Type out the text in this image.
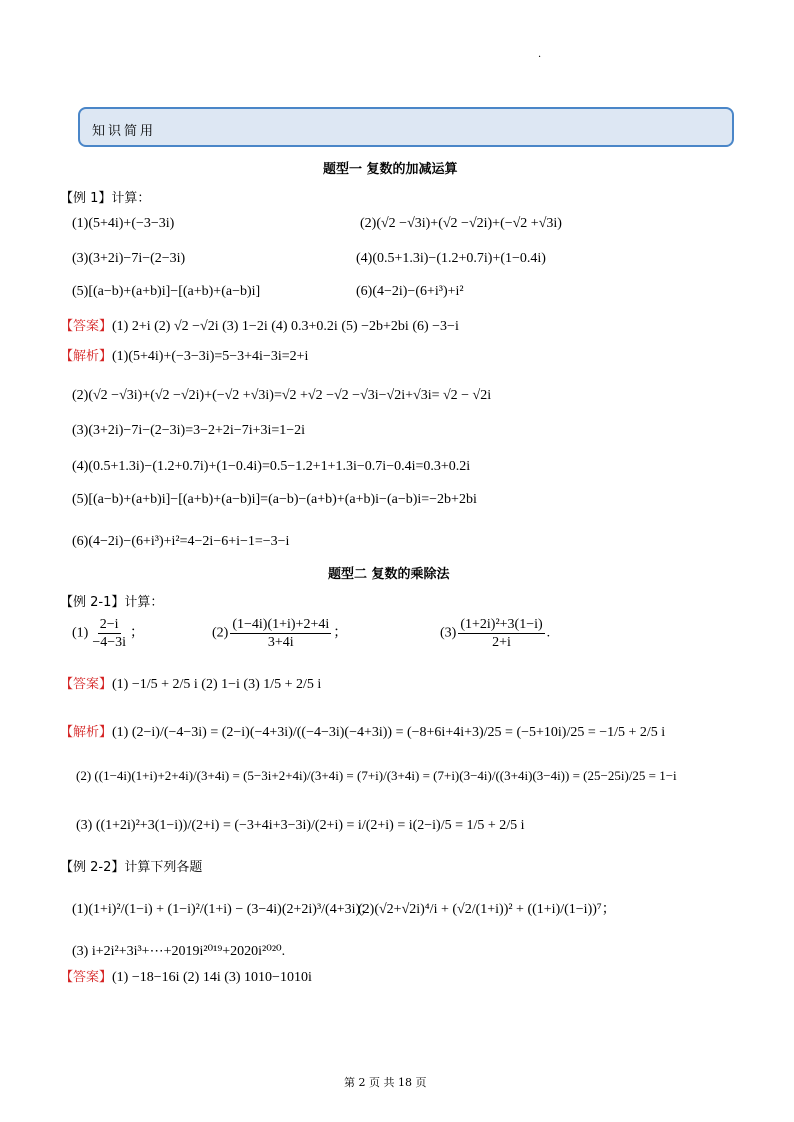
·
知识简用
题型一 复数的加减运算
【例 1】计算：
(1)(5+4i)+(−3−3i)	(2)(√2 −√3i)+(√2 −√2i)+(−√2 +√3i)
(3)(3+2i)−7i−(2−3i)	(4)(0.5+1.3i)−(1.2+0.7i)+(1−0.4i)
(5)[(a−b)+(a+b)i]−[(a+b)+(a−b)i]	(6)(4−2i)−(6+i³)+i²
【答案】(1) 2+i (2) √2 −√2i (3) 1−2i (4) 0.3+0.2i (5) −2b+2bi (6) −3−i
【解析】(1)(5+4i)+(−3−3i)=5−3+4i−3i=2+i
(2)(√2 −√3i)+(√2 −√2i)+(−√2 +√3i)=√2 +√2 −√2 −√3i−√2i+√3i= √2 − √2i
(3)(3+2i)−7i−(2−3i)=3−2+2i−7i+3i=1−2i
(4)(0.5+1.3i)−(1.2+0.7i)+(1−0.4i)=0.5−1.2+1+1.3i−0.7i−0.4i=0.3+0.2i
(5)[(a−b)+(a+b)i]−[(a+b)+(a−b)i]=(a−b)−(a+b)+(a+b)i−(a−b)i=−2b+2bi
(6)(4−2i)−(6+i³)+i²=4−2i−6+i−1=−3−i
题型二 复数的乘除法
【例 2-1】计算：
$(1) \frac{2-i}{-4-3i}$ ；	$(2) \frac{(1-4i)(1+i)+2+4i}{3+4i}$ ；	$(3) \frac{\text{(1+2i)²+3(1−i)}}{2+i}$ .
【答案】(1) −1/5 + 2/5 i (2) 1−i (3) 1/5 + 2/5 i
【解析】(1) (2−i)/(−4−3i) = (2−i)(−4+3i)/((−4−3i)(−4+3i)) = (−8+6i+4i+3)/25 = (−5+10i)/25 = −1/5 + 2/5 i
(2) ((1−4i)(1+i)+2+4i)/(3+4i) = (5−3i+2+4i)/(3+4i) = (7+i)/(3+4i) = (7+i)(3−4i)/((3+4i)(3−4i)) = (25−25i)/25 = 1−i
(3) ((1+2i)²+3(1−i))/(2+i) = (−3+4i+3−3i)/(2+i) = i/(2+i) = i(2−i)/5 = 1/5 + 2/5 i
【例 2-2】计算下列各题
(1)(1+i)²/(1−i) + (1−i)²/(1+i) − (3−4i)(2+2i)³/(4+3i)；
(2)(√2+√2i)⁴/i + (√2/(1+i))² + ((1+i)/(1−i))⁷；
(3) i+2i²+3i³+⋯+2019i²⁰¹⁹+2020i²⁰²⁰.
【答案】(1) −18−16i (2) 14i (3) 1010−1010i
第 2 页 共 18 页
